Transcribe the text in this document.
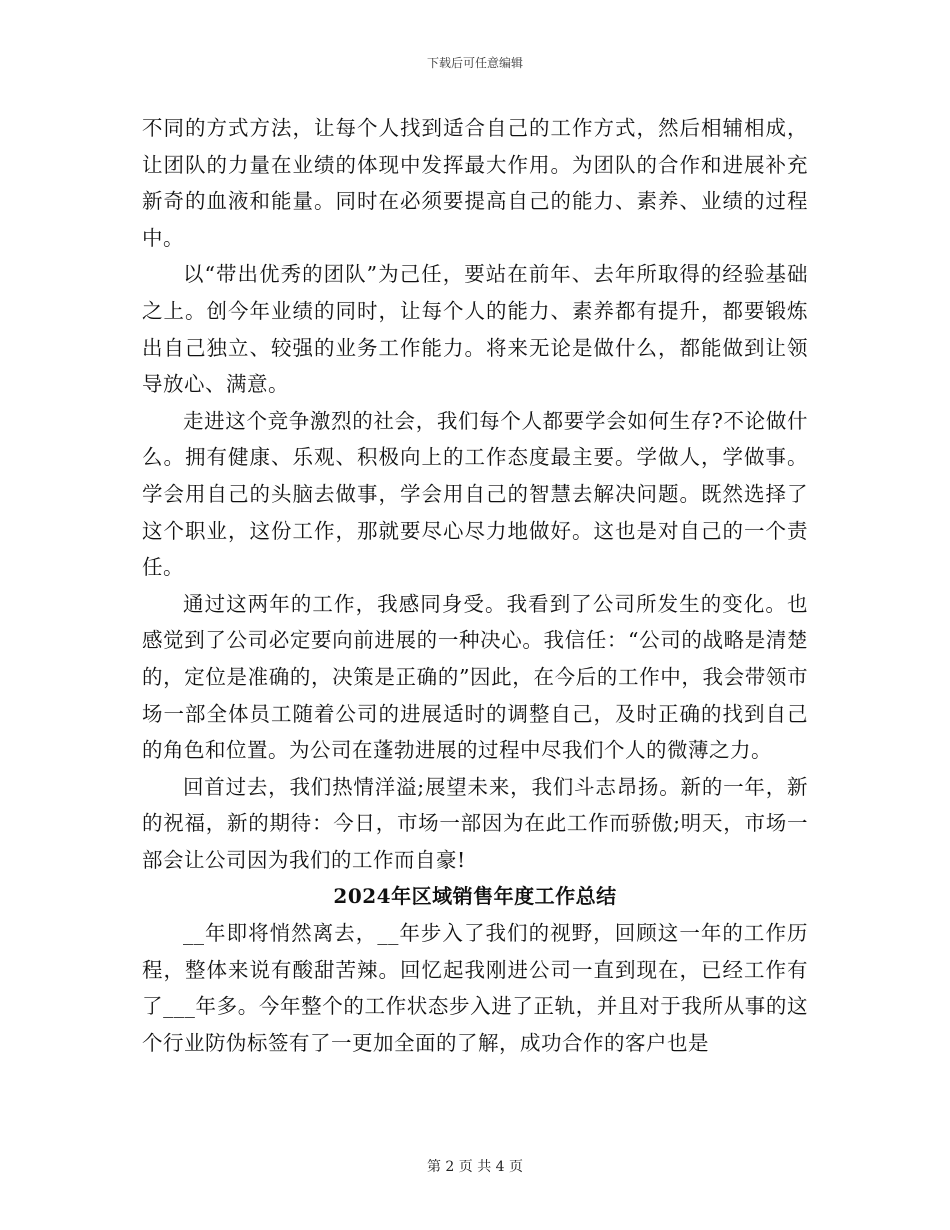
下载后可任意编辑

不同的方式方法，让每个人找到适合自己的工作方式，然后相辅相成，让团队的力量在业绩的体现中发挥最大作用。为团队的合作和进展补充新奇的血液和能量。同时在必须要提高自己的能力、素养、业绩的过程中。

以“带出优秀的团队”为己任，要站在前年、去年所取得的经验基础之上。创今年业绩的同时，让每个人的能力、素养都有提升，都要锻炼出自己独立、较强的业务工作能力。将来无论是做什么，都能做到让领导放心、满意。

走进这个竞争激烈的社会，我们每个人都要学会如何生存?不论做什么。拥有健康、乐观、积极向上的工作态度最主要。学做人，学做事。学会用自己的头脑去做事，学会用自己的智慧去解决问题。既然选择了这个职业，这份工作，那就要尽心尽力地做好。这也是对自己的一个责任。

通过这两年的工作，我感同身受。我看到了公司所发生的变化。也感觉到了公司必定要向前进展的一种决心。我信任：“公司的战略是清楚的，定位是准确的，决策是正确的”因此，在今后的工作中，我会带领市场一部全体员工随着公司的进展适时的调整自己，及时正确的找到自己的角色和位置。为公司在蓬勃进展的过程中尽我们个人的微薄之力。

回首过去，我们热情洋溢;展望未来，我们斗志昂扬。新的一年，新的祝福，新的期待：今日，市场一部因为在此工作而骄傲;明天，市场一部会让公司因为我们的工作而自豪!

2024年区域销售年度工作总结

__年即将悄然离去，__年步入了我们的视野，回顾这一年的工作历程，整体来说有酸甜苦辣。回忆起我刚进公司一直到现在，已经工作有了___年多。今年整个的工作状态步入进了正轨，并且对于我所从事的这个行业防伪标签有了一更加全面的了解，成功合作的客户也是

第 2 页 共 4 页
